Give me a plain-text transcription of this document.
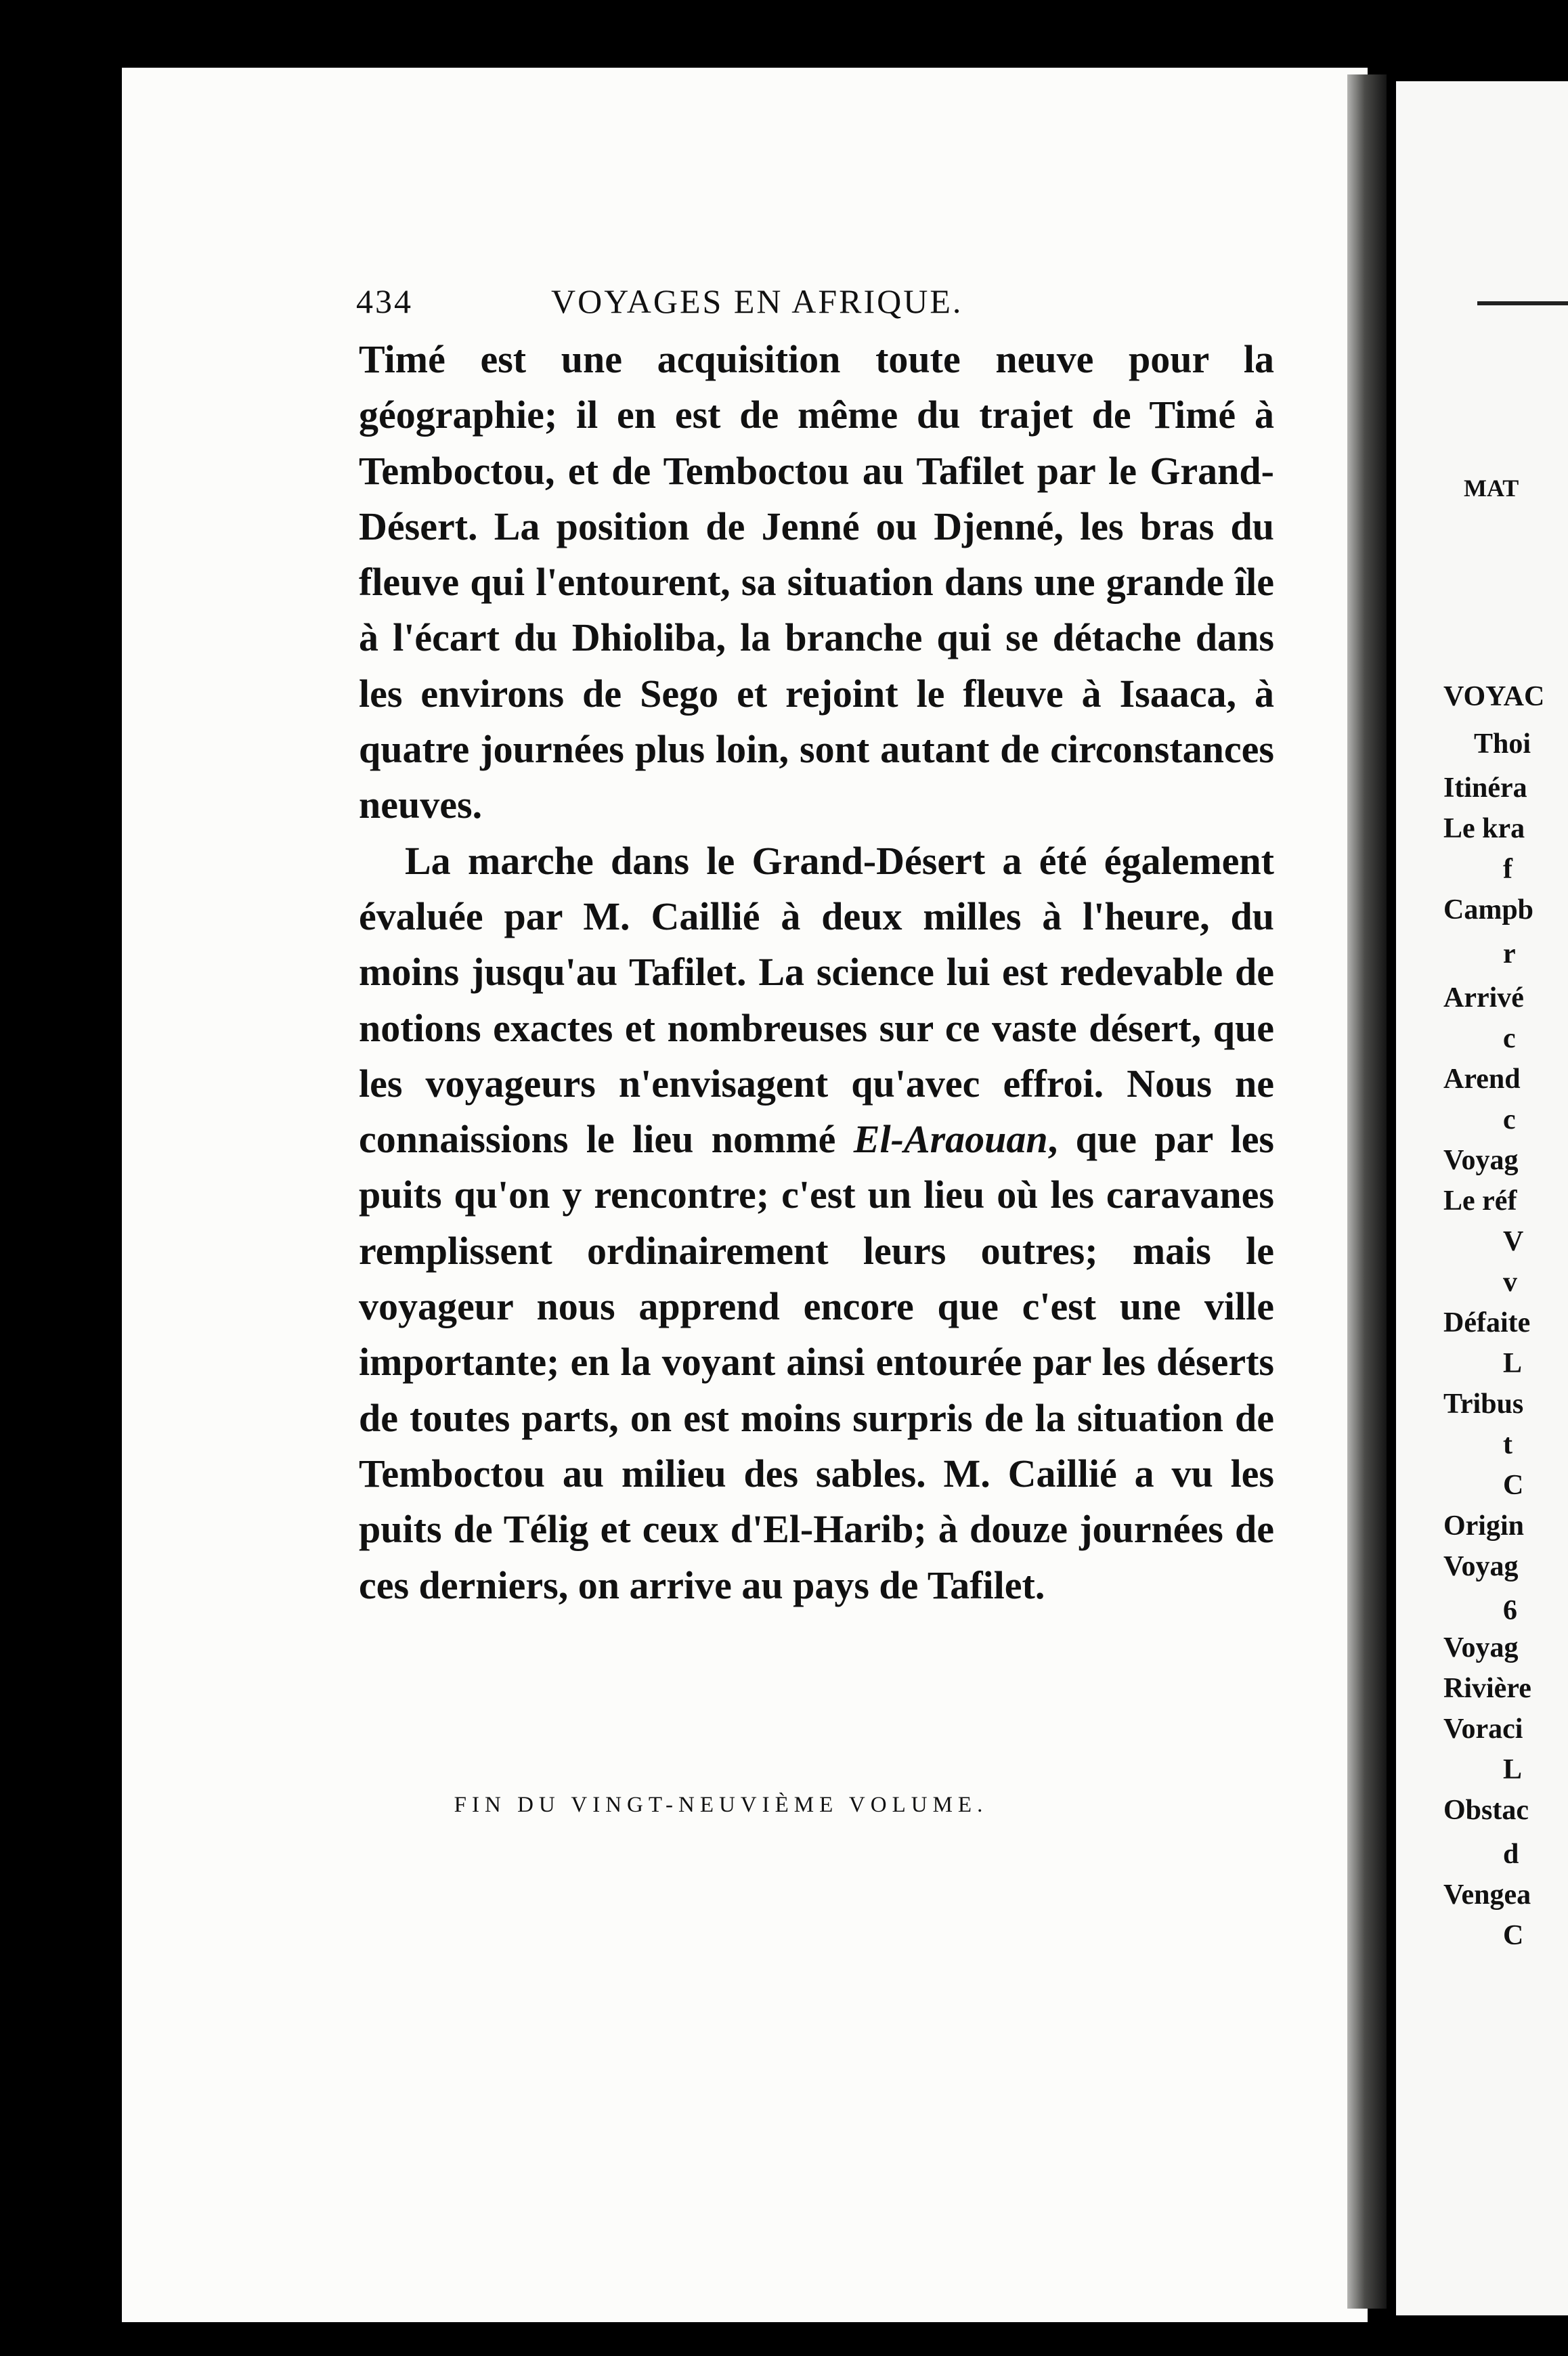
MAT
VOYAC
Thoi
Itinéra
Le kra
f
Campb
r
Arrivé
c
Arend
c
Voyag
Le réf
V
v
Défaite
L
Tribus
t
C
Origin
Voyag
6
Voyag
Rivière
Voraci
L
Obstac
d
Vengea
C
434	VOYAGES EN AFRIQUE.

Timé est une acquisition toute neuve pour la géographie; il en est de même du trajet de Timé à Temboctou, et de Temboctou au Tafilet par le Grand-Désert. La position de Jenné ou Djenné, les bras du fleuve qui l'entourent, sa situation dans une grande île à l'écart du Dhioliba, la branche qui se détache dans les environs de Sego et rejoint le fleuve à Isaaca, à quatre journées plus loin, sont autant de circonstances neuves.

La marche dans le Grand-Désert a été également évaluée par M. Caillié à deux milles à l'heure, du moins jusqu'au Tafilet. La science lui est redevable de notions exactes et nombreuses sur ce vaste désert, que les voyageurs n'envisagent qu'avec effroi. Nous ne connaissions le lieu nommé El-Araouan, que par les puits qu'on y rencontre; c'est un lieu où les caravanes remplissent ordinairement leurs outres; mais le voyageur nous apprend encore que c'est une ville importante; en la voyant ainsi entourée par les déserts de toutes parts, on est moins surpris de la situation de Temboctou au milieu des sables. M. Caillié a vu les puits de Télig et ceux d'El-Harib; à douze journées de ces derniers, on arrive au pays de Tafilet.

FIN DU VINGT-NEUVIÈME VOLUME.
